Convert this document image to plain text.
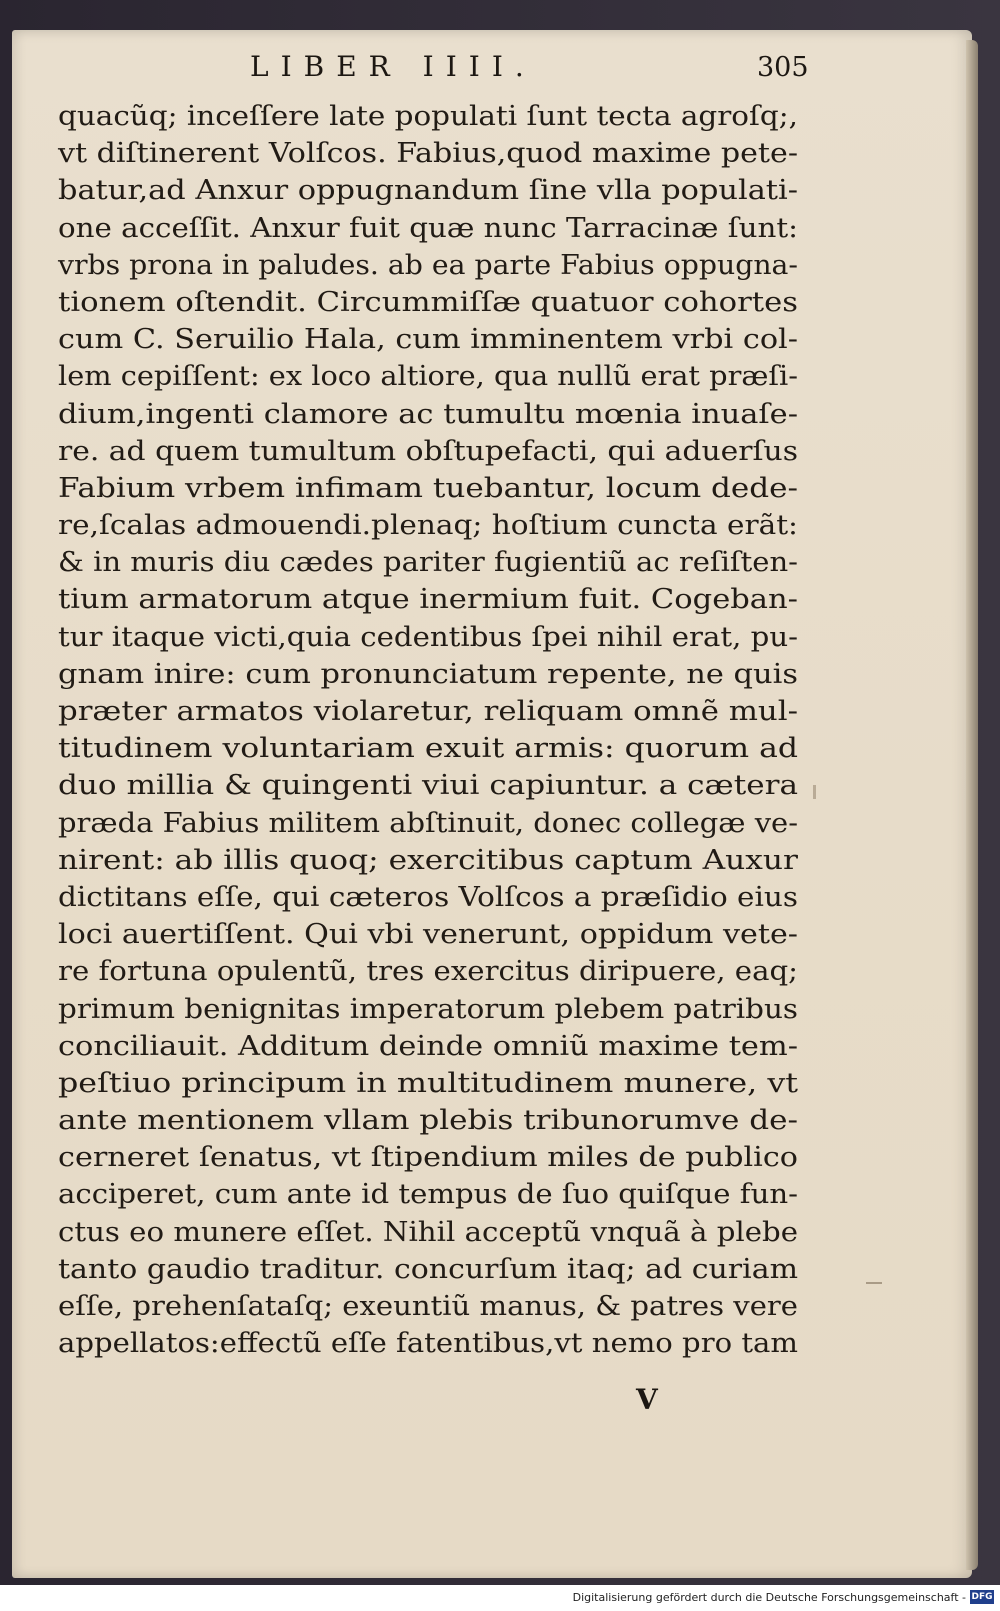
LIBER IIII.	305
quacũq; inceſſere late populati ſunt tecta agroſq;,
vt diſtinerent Volſcos. Fabius,quod maxime pete-
batur,ad Anxur oppugnandum ſine vlla populati-
one acceſſit. Anxur fuit quæ nunc Tarracinæ ſunt:
vrbs prona in paludes. ab ea parte Fabius oppugna-
tionem oſtendit. Circummiſſæ quatuor cohortes
cum C. Seruilio Hala, cum imminentem vrbi col-
lem cepiſſent: ex loco altiore, qua nullũ erat præſi-
dium,ingenti clamore ac tumultu mœnia inuaſe-
re. ad quem tumultum obſtupefacti, qui aduerſus
Fabium vrbem infimam tuebantur, locum dede-
re,ſcalas admouendi.plenaq; hoſtium cuncta erãt:
& in muris diu cædes pariter fugientiũ ac reſiſten-
tium armatorum atque inermium fuit. Cogeban-
tur itaque victi,quia cedentibus ſpei nihil erat, pu-
gnam inire: cum pronunciatum repente, ne quis
præter armatos violaretur, reliquam omnẽ mul-
titudinem voluntariam exuit armis: quorum ad
duo millia & quingenti viui capiuntur. a cætera
præda Fabius militem abſtinuit, donec collegæ ve-
nirent: ab illis quoq; exercitibus captum Auxur
dictitans eſſe, qui cæteros Volſcos a præſidio eius
loci auertiſſent. Qui vbi venerunt, oppidum vete-
re fortuna opulentũ, tres exercitus diripuere, eaq;
primum benignitas imperatorum plebem patribus
conciliauit. Additum deinde omniũ maxime tem-
peſtiuo principum in multitudinem munere, vt
ante mentionem vllam plebis tribunorumve de-
cerneret ſenatus, vt ſtipendium miles de publico
acciperet, cum ante id tempus de ſuo quiſque fun-
ctus eo munere eſſet. Nihil acceptũ vnquã à plebe
tanto gaudio traditur. concurſum itaq; ad curiam
eſſe, prehenſataſq; exeuntiũ manus, & patres vere
appellatos:effectũ eſſe fatentibus,vt nemo pro tam
V
Digitalisierung gefördert durch die Deutsche Forschungsgemeinschaft - DFG
